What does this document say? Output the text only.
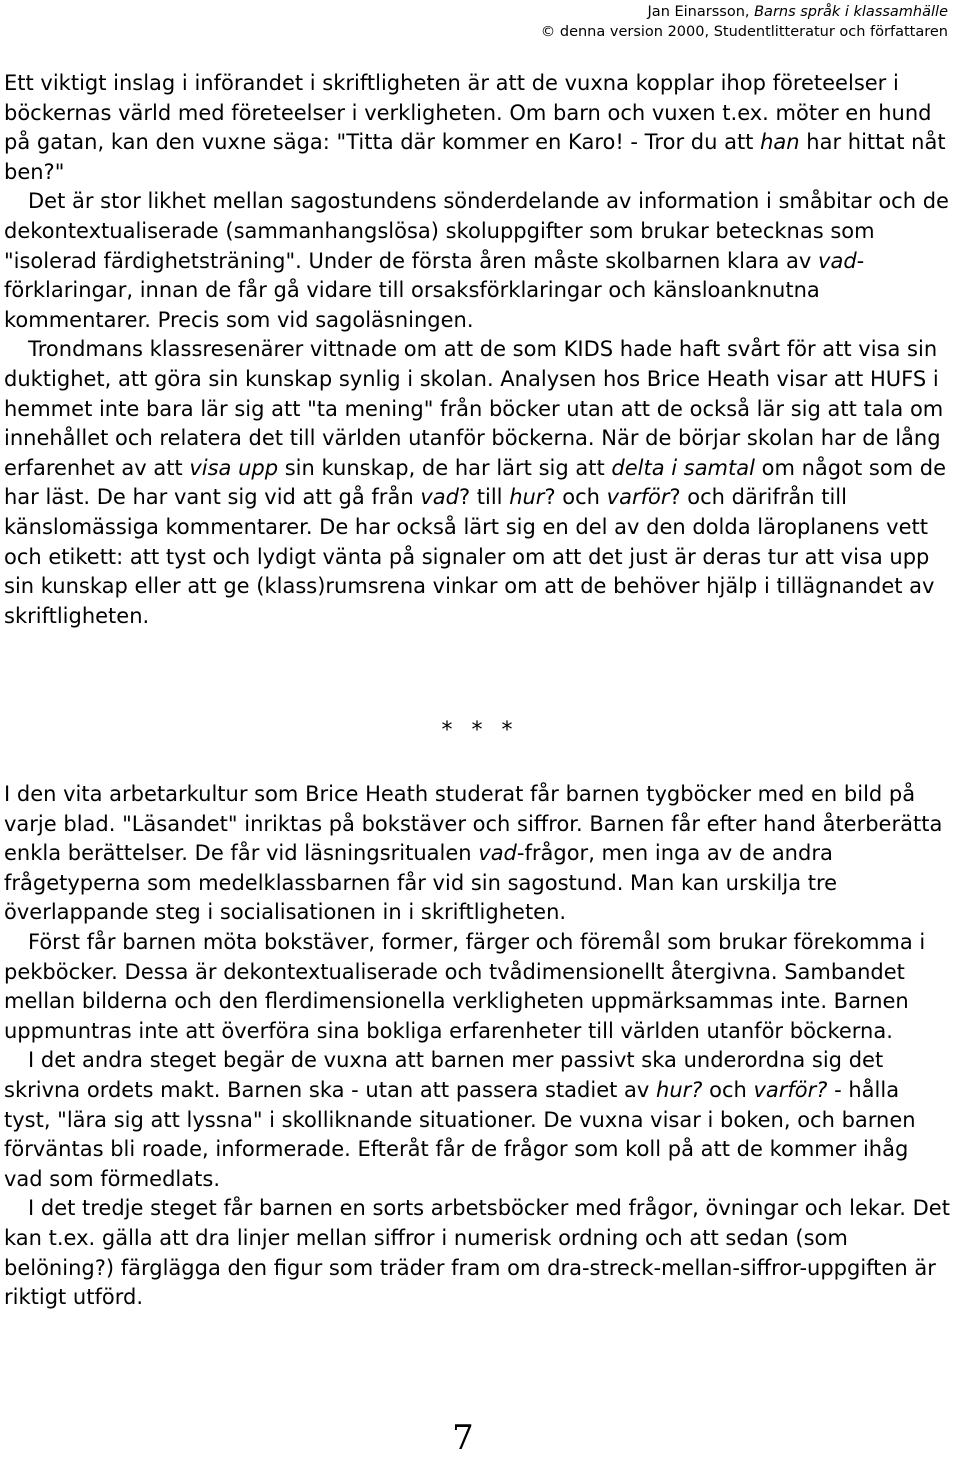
Jan Einarsson, Barns språk i klassamhälle
© denna version 2000, Studentlitteratur och författaren

Ett viktigt inslag i införandet i skriftligheten är att de vuxna kopplar ihop företeelser i böckernas värld med företeelser i verkligheten. Om barn och vuxen t.ex. möter en hund på gatan, kan den vuxne säga: "Titta där kommer en Karo! - Tror du att han har hittat nåt ben?"

Det är stor likhet mellan sagostundens sönderdelande av information i småbitar och de dekontextualiserade (sammanhangslösa) skoluppgifter som brukar betecknas som "isolerad färdighetsträning". Under de första åren måste skolbarnen klara av vad-förklaringar, innan de får gå vidare till orsaksförklaringar och känsloanknutna kommentarer. Precis som vid sagoläsningen.

Trondmans klassresenärer vittnade om att de som KIDS hade haft svårt för att visa sin duktighet, att göra sin kunskap synlig i skolan. Analysen hos Brice Heath visar att HUFS i hemmet inte bara lär sig att "ta mening" från böcker utan att de också lär sig att tala om innehållet och relatera det till världen utanför böckerna. När de börjar skolan har de lång erfarenhet av att visa upp sin kunskap, de har lärt sig att delta i samtal om något som de har läst. De har vant sig vid att gå från vad? till hur? och varför? och därifrån till känslomässiga kommentarer. De har också lärt sig en del av den dolda läroplanens vett och etikett: att tyst och lydigt vänta på signaler om att det just är deras tur att visa upp sin kunskap eller att ge (klass)rumsrena vinkar om att de behöver hjälp i tillägnandet av skriftligheten.

* * *

I den vita arbetarkultur som Brice Heath studerat får barnen tygböcker med en bild på varje blad. "Läsandet" inriktas på bokstäver och siffror. Barnen får efter hand återberätta enkla berättelser. De får vid läsningsritualen vad-frågor, men inga av de andra frågetyperna som medelklassbarnen får vid sin sagostund. Man kan urskilja tre överlappande steg i socialisationen in i skriftligheten.

Först får barnen möta bokstäver, former, färger och föremål som brukar förekomma i pekböcker. Dessa är dekontextualiserade och tvådimensionellt återgivna. Sambandet mellan bilderna och den flerdimensionella verkligheten uppmärksammas inte. Barnen uppmuntras inte att överföra sina bokliga erfarenheter till världen utanför böckerna.

I det andra steget begär de vuxna att barnen mer passivt ska underordna sig det skrivna ordets makt. Barnen ska - utan att passera stadiet av hur? och varför? - hålla tyst, "lära sig att lyssna" i skolliknande situationer. De vuxna visar i boken, och barnen förväntas bli roade, informerade. Efteråt får de frågor som koll på att de kommer ihåg vad som förmedlats.

I det tredje steget får barnen en sorts arbetsböcker med frågor, övningar och lekar. Det kan t.ex. gälla att dra linjer mellan siffror i numerisk ordning och att sedan (som belöning?) färglägga den figur som träder fram om dra-streck-mellan-siffror-uppgiften är riktigt utförd.

7
